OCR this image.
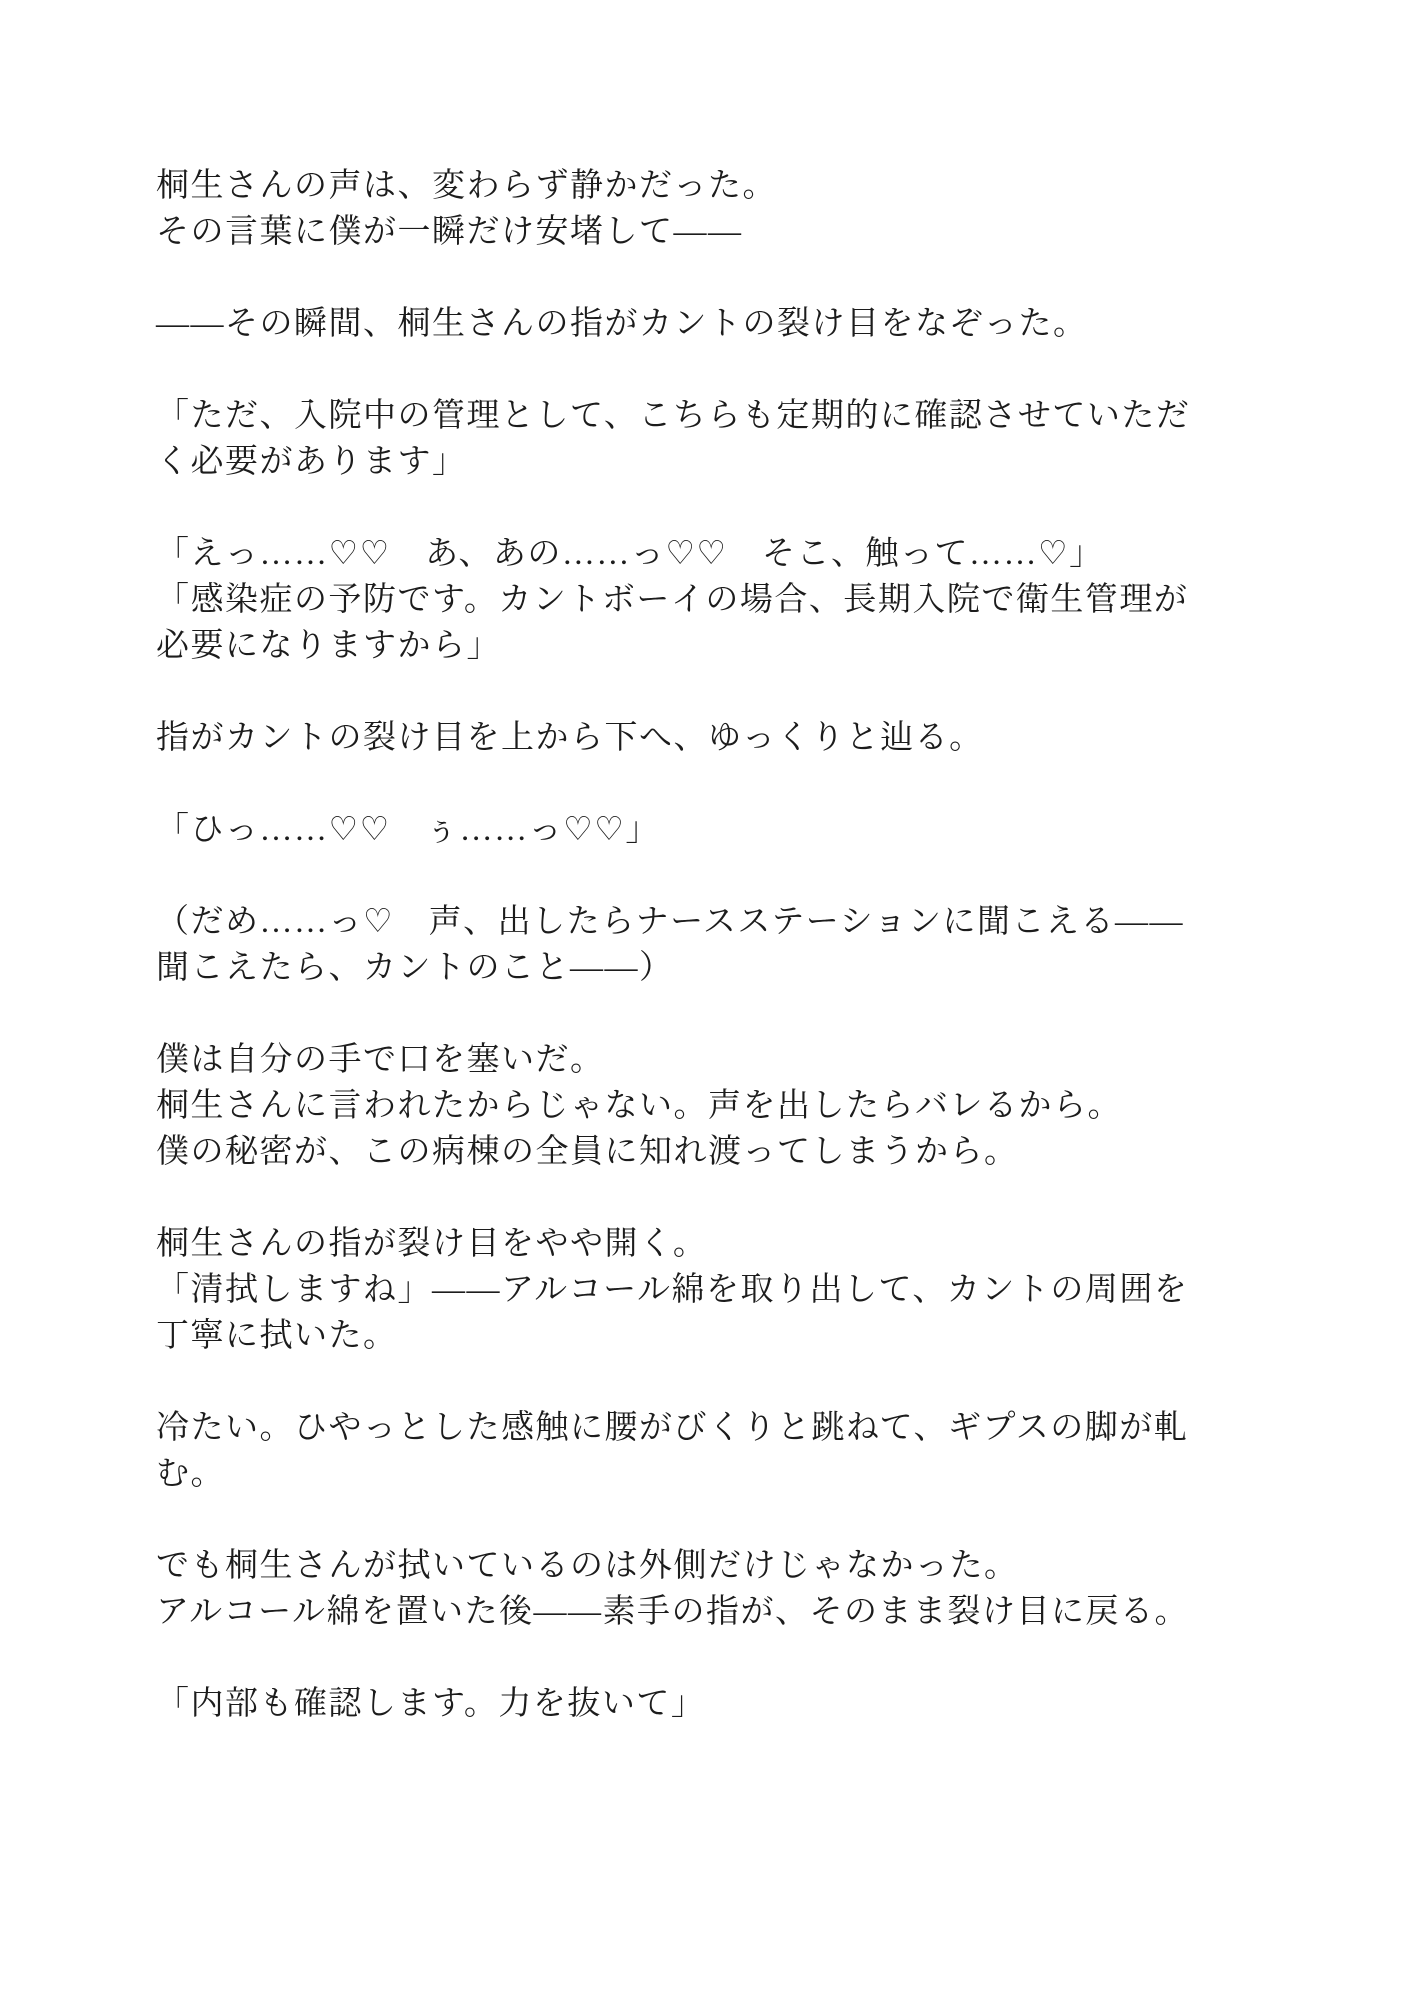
桐生さんの声は、変わらず静かだった。
その言葉に僕が一瞬だけ安堵して——
——その瞬間、桐生さんの指がカントの裂け目をなぞった。
「ただ、入院中の管理として、こちらも定期的に確認させていただ
く必要があります」
「えっ……♡♡　あ、あの……っ♡♡　そこ、触って……♡」
「感染症の予防です。カントボーイの場合、長期入院で衛生管理が
必要になりますから」
指がカントの裂け目を上から下へ、ゆっくりと辿る。
「ひっ……♡♡　ぅ……っ♡♡」
（だめ……っ♡　声、出したらナースステーションに聞こえる——
聞こえたら、カントのこと——）
僕は自分の手で口を塞いだ。
桐生さんに言われたからじゃない。声を出したらバレるから。
僕の秘密が、この病棟の全員に知れ渡ってしまうから。
桐生さんの指が裂け目をやや開く。
「清拭しますね」——アルコール綿を取り出して、カントの周囲を
丁寧に拭いた。
冷たい。ひやっとした感触に腰がびくりと跳ねて、ギプスの脚が軋
む。
でも桐生さんが拭いているのは外側だけじゃなかった。
アルコール綿を置いた後——素手の指が、そのまま裂け目に戻る。
「内部も確認します。力を抜いて」
